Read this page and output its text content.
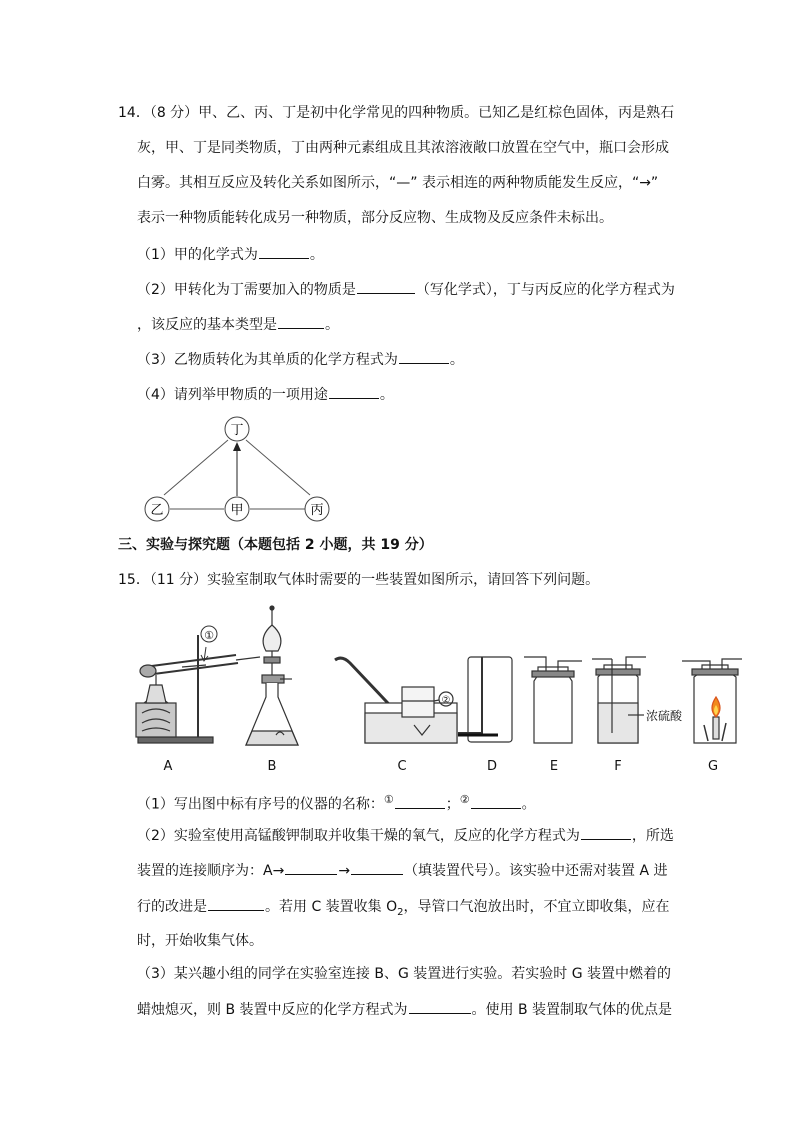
14．（8 分）甲、乙、丙、丁是初中化学常见的四种物质。已知乙是红棕色固体，丙是熟石
灰，甲、丁是同类物质，丁由两种元素组成且其浓溶液敞口放置在空气中，瓶口会形成
白雾。其相互反应及转化关系如图所示，“—” 表示相连的两种物质能发生反应，“→”
表示一种物质能转化成另一种物质，部分反应物、生成物及反应条件未标出。
（1）甲的化学式为	。
（2）甲转化为丁需要加入的物质是	（写化学式），丁与丙反应的化学方程式为
，该反应的基本类型是	。
（3）乙物质转化为其单质的化学方程式为	。
（4）请列举甲物质的一项用途	。
丁
乙	甲	丙
三、实验与探究题（本题包括 2 小题，共 19 分）
15．（11 分）实验室制取气体时需要的一些装置如图所示，请回答下列问题。
①
②
浓硫酸
A	B	C	D	E	F	G
（1）写出图中标有序号的仪器的名称：①	；②	。
（2）实验室使用高锰酸钾制取并收集干燥的氧气，反应的化学方程式为	，所选
装置的连接顺序为：A→	→	（填装置代号）。该实验中还需对装置 A 进
行的改进是	。若用 C 装置收集 $O_2$，导管口气泡放出时，不宜立即收集，应在
时，开始收集气体。
（3）某兴趣小组的同学在实验室连接 B、G 装置进行实验。若实验时 G 装置中燃着的
蜡烛熄灭，则 B 装置中反应的化学方程式为	。使用 B 装置制取气体的优点是
